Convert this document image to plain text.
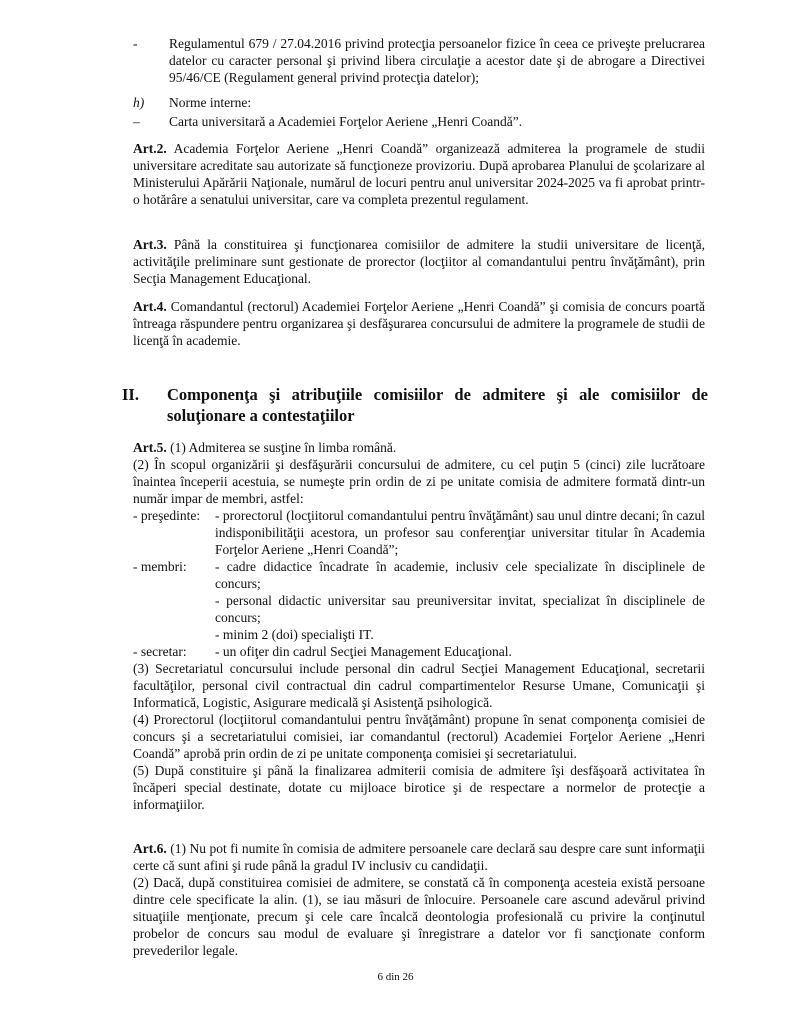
-	Regulamentul 679 / 27.04.2016 privind protecţia persoanelor fizice în ceea ce priveşte prelucrarea datelor cu caracter personal şi privind libera circulaţie a acestor date şi de abrogare a Directivei 95/46/CE (Regulament general privind protecţia datelor);
h)	Norme interne:
–	Carta universitară a Academiei Forţelor Aeriene „Henri Coandă”.

Art.2. Academia Forţelor Aeriene „Henri Coandă” organizează admiterea la programele de studii universitare acreditate sau autorizate să funcţioneze provizoriu. După aprobarea Planului de şcolarizare al Ministerului Apărării Naţionale, numărul de locuri pentru anul universitar 2024-2025 va fi aprobat printr-o hotărâre a senatului universitar, care va completa prezentul regulament.

Art.3. Până la constituirea şi funcţionarea comisiilor de admitere la studii universitare de licenţă, activităţile preliminare sunt gestionate de prorector (locţiitor al comandantului pentru învăţământ), prin Secţia Management Educaţional.

Art.4. Comandantul (rectorul) Academiei Forţelor Aeriene „Henri Coandă” şi comisia de concurs poartă întreaga răspundere pentru organizarea şi desfăşurarea concursului de admitere la programele de studii de licenţă în academie.

II.	Componenţa şi atribuţiile comisiilor de admitere şi ale comisiilor de soluţionare a contestaţiilor
Art.5. (1) Admiterea se susţine în limba română.
(2) În scopul organizării şi desfăşurării concursului de admitere, cu cel puţin 5 (cinci) zile lucrătoare înaintea începerii acestuia, se numeşte prin ordin de zi pe unitate comisia de admitere formată dintr-un număr impar de membri, astfel:
- preşedinte:	- prorectorul (locţiitorul comandantului pentru învăţământ) sau unul dintre decani; în cazul indisponibilităţii acestora, un profesor sau conferenţiar universitar titular în Academia Forţelor Aeriene „Henri Coandă”;
- membri:	- cadre didactice încadrate în academie, inclusiv cele specializate în disciplinele de concurs;
- personal didactic universitar sau preuniversitar invitat, specializat în disciplinele de concurs;
- minim 2 (doi) specialişti IT.
- secretar:	- un ofiţer din cadrul Secţiei Management Educaţional.
(3) Secretariatul concursului include personal din cadrul Secţiei Management Educaţional, secretarii facultăţilor, personal civil contractual din cadrul compartimentelor Resurse Umane, Comunicaţii şi Informatică, Logistic, Asigurare medicală şi Asistenţă psihologică.
(4) Prorectorul (locţiitorul comandantului pentru învăţământ) propune în senat componenţa comisiei de concurs şi a secretariatului comisiei, iar comandantul (rectorul) Academiei Forţelor Aeriene „Henri Coandă” aprobă prin ordin de zi pe unitate componenţa comisiei şi secretariatului.
(5) După constituire şi până la finalizarea admiterii comisia de admitere îşi desfăşoară activitatea în încăperi special destinate, dotate cu mijloace birotice şi de respectare a normelor de protecţie a informaţiilor.
Art.6. (1) Nu pot fi numite în comisia de admitere persoanele care declară sau despre care sunt informaţii certe că sunt afini şi rude până la gradul IV inclusiv cu candidaţii.
(2) Dacă, după constituirea comisiei de admitere, se constată că în componenţa acesteia există persoane dintre cele specificate la alin. (1), se iau măsuri de înlocuire. Persoanele care ascund adevărul privind situaţiile menţionate, precum şi cele care încalcă deontologia profesională cu privire la conţinutul probelor de concurs sau modul de evaluare şi înregistrare a datelor vor fi sancţionate conform prevederilor legale.
6 din 26
